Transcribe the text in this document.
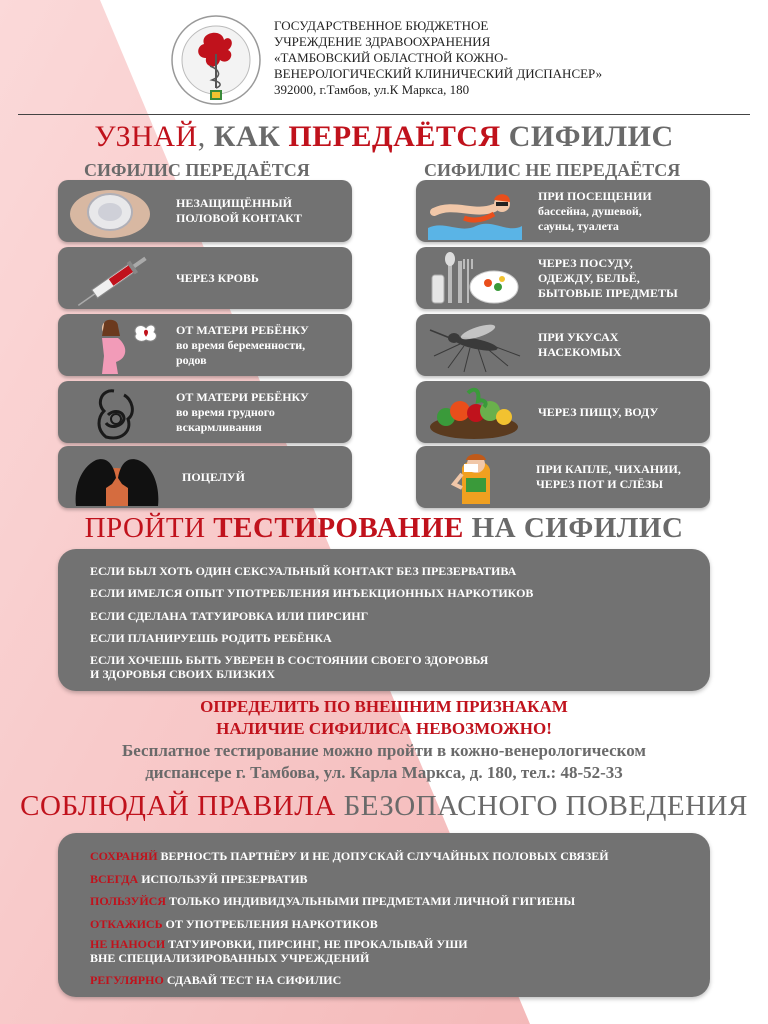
ГОСУДАРСТВЕННОЕ БЮДЖЕТНОЕ
УЧРЕЖДЕНИЕ ЗДРАВООХРАНЕНИЯ
«ТАМБОВСКИЙ ОБЛАСТНОЙ КОЖНО-
ВЕНЕРОЛОГИЧЕСКИЙ КЛИНИЧЕСКИЙ ДИСПАНСЕР»
392000, г.Тамбов, ул.К Маркса, 180
УЗНАЙ, КАК ПЕРЕДАЁТСЯ СИФИЛИС
СИФИЛИС ПЕРЕДАЁТСЯ	СИФИЛИС НЕ ПЕРЕДАЁТСЯ
НЕЗАЩИЩЁННЫЙ
ПОЛОВОЙ КОНТАКТ
ЧЕРЕЗ КРОВЬ
ОТ МАТЕРИ РЕБЁНКУ
во время беременности,
родов
ОТ МАТЕРИ РЕБЁНКУ
во время грудного
вскармливания
ПОЦЕЛУЙ
ПРИ ПОСЕЩЕНИИ
бассейна, душевой,
сауны, туалета
ЧЕРЕЗ ПОСУДУ,
ОДЕЖДУ, БЕЛЬЁ,
БЫТОВЫЕ ПРЕДМЕТЫ
ПРИ УКУСАХ
НАСЕКОМЫХ
ЧЕРЕЗ ПИЩУ, ВОДУ
ПРИ КАПЛЕ, ЧИХАНИИ,
ЧЕРЕЗ ПОТ И СЛЁЗЫ
ПРОЙТИ ТЕСТИРОВАНИЕ НА СИФИЛИС
ЕСЛИ БЫЛ ХОТЬ ОДИН СЕКСУАЛЬНЫЙ КОНТАКТ БЕЗ ПРЕЗЕРВАТИВА
ЕСЛИ ИМЕЛСЯ ОПЫТ УПОТРЕБЛЕНИЯ ИНЪЕКЦИОННЫХ НАРКОТИКОВ
ЕСЛИ СДЕЛАНА ТАТУИРОВКА ИЛИ ПИРСИНГ
ЕСЛИ ПЛАНИРУЕШЬ РОДИТЬ РЕБЁНКА
ЕСЛИ ХОЧЕШЬ БЫТЬ УВЕРЕН В СОСТОЯНИИ СВОЕГО ЗДОРОВЬЯ
И ЗДОРОВЬЯ СВОИХ БЛИЗКИХ
ОПРЕДЕЛИТЬ ПО ВНЕШНИМ ПРИЗНАКАМ
НАЛИЧИЕ СИФИЛИСА НЕВОЗМОЖНО!
Бесплатное тестирование можно пройти в кожно-венерологическом
диспансере г. Тамбова, ул. Карла Маркса, д. 180, тел.: 48-52-33
СОБЛЮДАЙ ПРАВИЛА БЕЗОПАСНОГО ПОВЕДЕНИЯ
СОХРАНЯЙ ВЕРНОСТЬ ПАРТНЁРУ И НЕ ДОПУСКАЙ СЛУЧАЙНЫХ ПОЛОВЫХ СВЯЗЕЙ
ВСЕГДА ИСПОЛЬЗУЙ ПРЕЗЕРВАТИВ
ПОЛЬЗУЙСЯ ТОЛЬКО ИНДИВИДУАЛЬНЫМИ ПРЕДМЕТАМИ ЛИЧНОЙ ГИГИЕНЫ
ОТКАЖИСЬ ОТ УПОТРЕБЛЕНИЯ НАРКОТИКОВ
НЕ НАНОСИ ТАТУИРОВКИ, ПИРСИНГ, НЕ ПРОКАЛЫВАЙ УШИ
ВНЕ СПЕЦИАЛИЗИРОВАННЫХ УЧРЕЖДЕНИЙ
РЕГУЛЯРНО СДАВАЙ ТЕСТ НА СИФИЛИС
